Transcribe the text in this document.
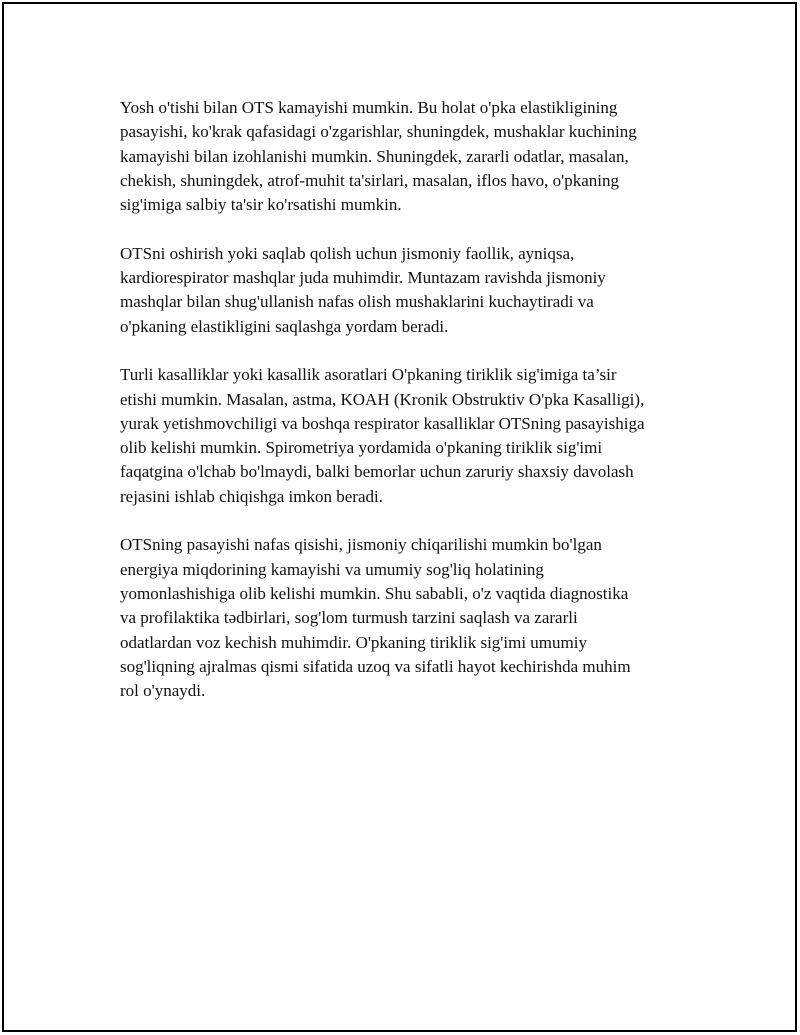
Yosh o'tishi bilan OTS kamayishi mumkin. Bu holat o'pka elastikligining
pasayishi, ko'krak qafasidagi o'zgarishlar, shuningdek, mushaklar kuchining
kamayishi bilan izohlanishi mumkin. Shuningdek, zararli odatlar, masalan,
chekish, shuningdek, atrof-muhit ta'sirlari, masalan, iflos havo, o'pkaning
sig'imiga salbiy ta'sir ko'rsatishi mumkin.

OTSni oshirish yoki saqlab qolish uchun jismoniy faollik, ayniqsa,
kardiorespirator mashqlar juda muhimdir. Muntazam ravishda jismoniy
mashqlar bilan shug'ullanish nafas olish mushaklarini kuchaytiradi va
o'pkaning elastikligini saqlashga yordam beradi.

Turli kasalliklar yoki kasallik asoratlari O'pkaning tiriklik sig'imiga ta’sir
etishi mumkin. Masalan, astma, KOAH (Kronik Obstruktiv O'pka Kasalligi),
yurak yetishmovchiligi va boshqa respirator kasalliklar OTSning pasayishiga
olib kelishi mumkin. Spirometriya yordamida o'pkaning tiriklik sig'imi
faqatgina o'lchab bo'lmaydi, balki bemorlar uchun zaruriy shaxsiy davolash
rejasini ishlab chiqishga imkon beradi.

OTSning pasayishi nafas qisishi, jismoniy chiqarilishi mumkin bo'lgan
energiya miqdorining kamayishi va umumiy sog'liq holatining
yomonlashishiga olib kelishi mumkin. Shu sababli, o'z vaqtida diagnostika
va profilaktika tədbirlari, sog'lom turmush tarzini saqlash va zararli
odatlardan voz kechish muhimdir. O'pkaning tiriklik sig'imi umumiy
sog'liqning ajralmas qismi sifatida uzoq va sifatli hayot kechirishda muhim
rol o'ynaydi.
